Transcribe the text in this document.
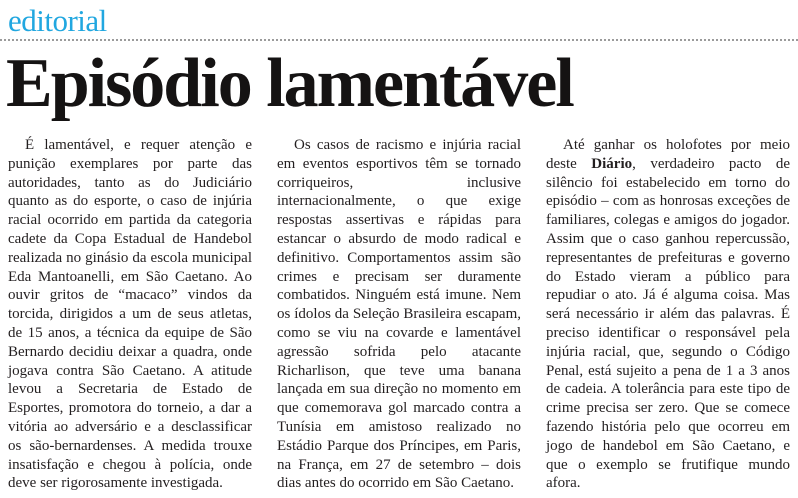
editorial
Episódio lamentável

É lamentável, e requer atenção e punição exemplares por parte das autoridades, tanto as do Judiciário quanto as do esporte, o caso de injúria racial ocorrido em partida da categoria cadete da Copa Estadual de Handebol realizada no ginásio da escola municipal Eda Mantoanelli, em São Caetano. Ao ouvir gritos de “macaco” vindos da torcida, dirigidos a um de seus atletas, de 15 anos, a técnica da equipe de São Bernardo decidiu deixar a quadra, onde jogava contra São Caetano. A atitude levou a Secretaria de Estado de Esportes, promotora do torneio, a dar a vitória ao adversário e a desclassificar os são-bernardenses. A medida trouxe insatisfação e chegou à polícia, onde deve ser rigorosamente investigada.

Os casos de racismo e injúria racial em eventos esportivos têm se tornado corriqueiros, inclusive internacionalmente, o que exige respostas assertivas e rápidas para estancar o absurdo de modo radical e definitivo. Comportamentos assim são crimes e precisam ser duramente combatidos. Ninguém está imune. Nem os ídolos da Seleção Brasileira escapam, como se viu na covarde e lamentável agressão sofrida pelo atacante Richarlison, que teve uma banana lançada em sua direção no momento em que comemorava gol marcado contra a Tunísia em amistoso realizado no Estádio Parque dos Príncipes, em Paris, na França, em 27 de setembro – dois dias antes do ocorrido em São Caetano.

Até ganhar os holofotes por meio deste Diário, verdadeiro pacto de silêncio foi estabelecido em torno do episódio – com as honrosas exceções de familiares, colegas e amigos do jogador. Assim que o caso ganhou repercussão, representantes de prefeituras e governo do Estado vieram a público para repudiar o ato. Já é alguma coisa. Mas será necessário ir além das palavras. É preciso identificar o responsável pela injúria racial, que, segundo o Código Penal, está sujeito a pena de 1 a 3 anos de cadeia. A tolerância para este tipo de crime precisa ser zero. Que se comece fazendo história pelo que ocorreu em jogo de handebol em São Caetano, e que o exemplo se frutifique mundo afora.
